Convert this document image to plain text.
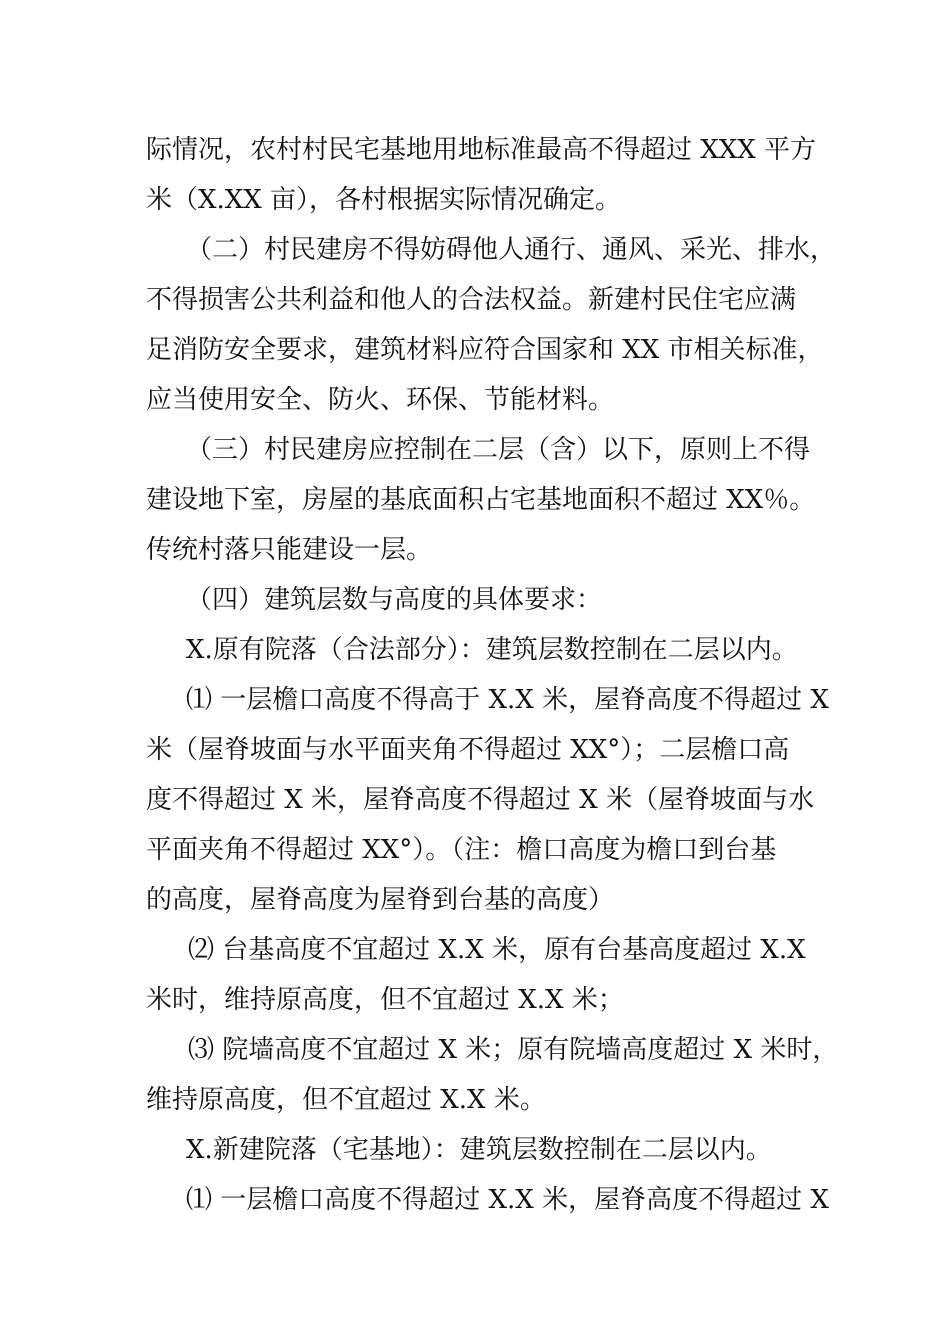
际情况，农村村民宅基地用地标准最高不得超过 XXX 平方
米（X.XX 亩），各村根据实际情况确定。
（二）村民建房不得妨碍他人通行、通风、采光、排水，
不得损害公共利益和他人的合法权益。新建村民住宅应满
足消防安全要求，建筑材料应符合国家和 XX 市相关标准，
应当使用安全、防火、环保、节能材料。
（三）村民建房应控制在二层（含）以下，原则上不得
建设地下室，房屋的基底面积占宅基地面积不超过 XX％。
传统村落只能建设一层。
（四）建筑层数与高度的具体要求：
X.原有院落（合法部分）：建筑层数控制在二层以内。
⑴ 一层檐口高度不得高于 X.X 米，屋脊高度不得超过 X
米（屋脊坡面与水平面夹角不得超过 XX°）；二层檐口高
度不得超过 X 米，屋脊高度不得超过 X 米（屋脊坡面与水
平面夹角不得超过 XX°）。（注：檐口高度为檐口到台基
的高度，屋脊高度为屋脊到台基的高度）
⑵ 台基高度不宜超过 X.X 米，原有台基高度超过 X.X
米时，维持原高度，但不宜超过 X.X 米；
⑶ 院墙高度不宜超过 X 米；原有院墙高度超过 X 米时，
维持原高度，但不宜超过 X.X 米。
X.新建院落（宅基地）：建筑层数控制在二层以内。
⑴ 一层檐口高度不得超过 X.X 米，屋脊高度不得超过 X
